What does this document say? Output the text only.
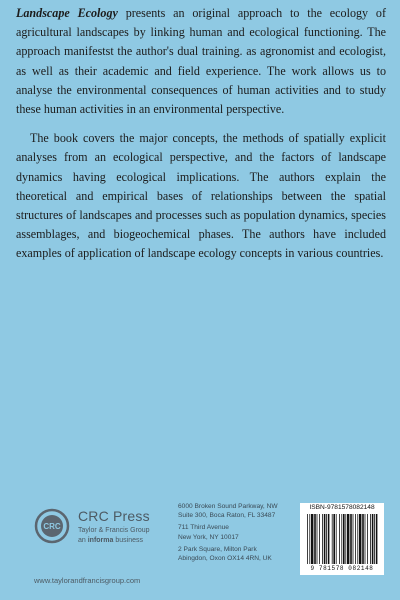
Landscape Ecology presents an original approach to the ecology of agricultural landscapes by linking human and ecological functioning. The approach manifestst the author's dual training. as agronomist and ecologist, as well as their academic and field experience. The work allows us to analyse the environmental consequences of human activities and to study these human activities in an environmental perspective.

The book covers the major concepts, the methods of spatially explicit analyses from an ecological perspective, and the factors of landscape dynamics having ecological implications. The authors explain the theoretical and empirical bases of relationships between the spatial structures of landscapes and processes such as population dynamics, species assemblages, and biogeochemical phases. The authors have included examples of application of landscape ecology concepts in various countries.

CRC
CRC Press
Taylor & Francis Group
an informa business
www.taylorandfrancisgroup.com
6000 Broken Sound Parkway, NW
Suite 300, Boca Raton, FL 33487
711 Third Avenue
New York, NY 10017
2 Park Square, Milton Park
Abingdon, Oxon OX14 4RN, UK
ISBN-9781578082148
9 781578 082148
